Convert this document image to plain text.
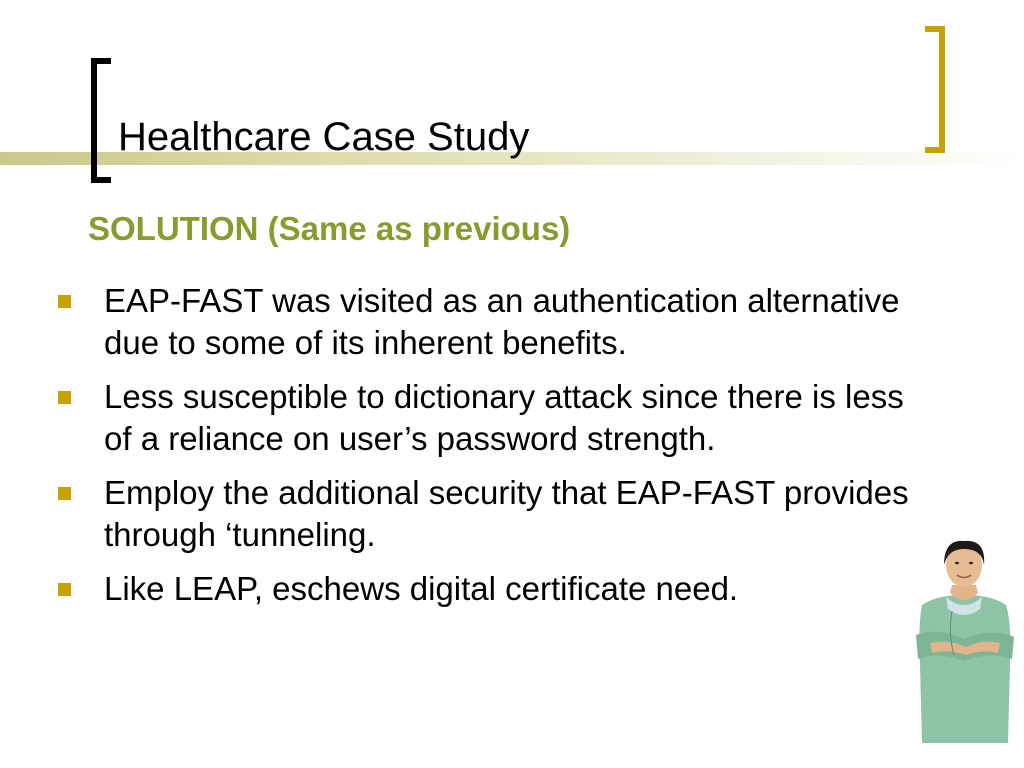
Healthcare Case Study
SOLUTION (Same as previous)
EAP-FAST was visited as an authentication alternative due to some of its inherent benefits.
Less susceptible to dictionary attack since there is less of a reliance on user’s password strength.
Employ the additional security that EAP-FAST provides through ‘tunneling.
Like LEAP, eschews digital certificate need.
